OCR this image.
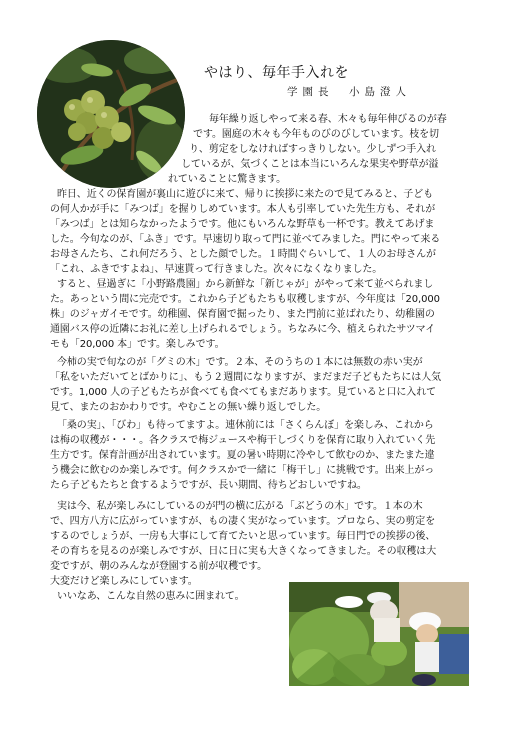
やはり、毎年手入れを
学園長　小島澄人
毎年繰り返しやって来る春、木々も毎年伸びるのが春
です。園庭の木々も今年ものびのびしています。枝を切
り、剪定をしなければすっきりしない。少しずつ手入れ
しているが、気づくことは本当にいろんな果実や野草が溢
れていることに驚きます。
昨日、近くの保育園が裏山に遊びに来て、帰りに挨拶に来たので見てみると、子ども
の何人かが手に「みつば」を握りしめています。本人も引率していた先生方も、それが
「みつば」とは知らなかったようです。他にもいろんな野草も一杯です。教えてあげま
した。今旬なのが、「ふき」です。早速切り取って門に並べてみました。門にやって来る
お母さんたち、これ何だろう、とした顔でした。１時間ぐらいして、１人のお母さんが
「これ、ふきですよね」、早速貰って行きました。次々になくなりました。
すると、昼過ぎに「小野路農園」から新鮮な「新じゃが」がやって来て並べられまし
た。あっという間に完売です。これから子どもたちも収穫しますが、今年度は「20,000
株」のジャガイモです。幼稚園、保育園で掘ったり、また門前に並ばれたり、幼稚園の
通園バス停の近隣にお礼に差し上げられるでしょう。ちなみに今、植えられたサツマイ
モも「20,000 本」です。楽しみです。
今柿の実で旬なのが「グミの木」です。２本、そのうちの１本には無数の赤い実が
「私をいただいてとばかりに」、もう２週間になりますが、まだまだ子どもたちには人気
です。1,000 人の子どもたちが食べても食べてもまだあります。見ていると口に入れて
見て、またのおかわりです。やむことの無い繰り返しでした。
「桑の実」、「びわ」も待ってますよ。連休前には「さくらんぼ」を楽しみ、これから
は梅の収穫が・・・。各クラスで梅ジュースや梅干しづくりを保育に取り入れていく先
生方です。保育計画が出されています。夏の暑い時期に冷やして飲むのか、またまた違
う機会に飲むのか楽しみです。何クラスかで一緒に「梅干し」に挑戦です。出来上がっ
たら子どもたちと食するようですが、長い期間、待ちどおしいですね。
実は今、私が楽しみにしているのが門の横に広がる「ぶどうの木」です。１本の木
で、四方八方に広がっていますが、もの凄く実がなっています。プロなら、実の剪定を
するのでしょうが、一房も大事にして育てたいと思っています。毎日門での挨拶の後、
その育ちを見るのが楽しみですが、日に日に実も大きくなってきました。その収穫は大
変ですが、朝のみんなが登園する前が収穫です。
大変だけど楽しみにしています。
いいなあ、こんな自然の恵みに囲まれて。
